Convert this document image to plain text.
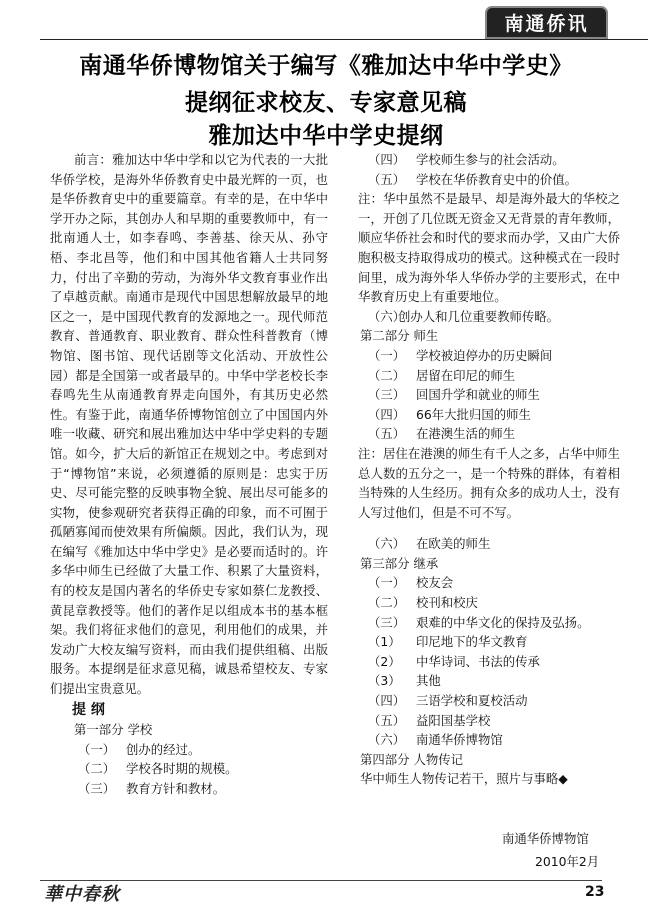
南通侨讯
南通华侨博物馆关于编写《雅加达中华中学史》
提纲征求校友、专家意见稿
雅加达中华中学史提纲

前言：雅加达中华中学和以它为代表的一大批华侨学校，是海外华侨教育史中最光辉的一页，也是华侨教育史中的重要篇章。有幸的是，在中华中学开办之际，其创办人和早期的重要教师中，有一批南通人士，如李春鸣、李善基、徐天从、孙守梧、李北昌等，他们和中国其他省籍人士共同努力，付出了辛勤的劳动，为海外华文教育事业作出了卓越贡献。南通市是现代中国思想解放最早的地区之一，是中国现代教育的发源地之一。现代师范教育、普通教育、职业教育、群众性科普教育（博物馆、图书馆、现代话剧等文化活动、开放性公园）都是全国第一或者最早的。中华中学老校长李春鸣先生从南通教育界走向国外，有其历史必然性。有鉴于此，南通华侨博物馆创立了中国国内外唯一收藏、研究和展出雅加达中华中学史料的专题馆。如今，扩大后的新馆正在规划之中。考虑到对于“博物馆”来说，必须遵循的原则是：忠实于历史、尽可能完整的反映事物全貌、展出尽可能多的实物，使参观研究者获得正确的印象，而不可囿于孤陋寡闻而使效果有所偏颇。因此，我们认为，现在编写《雅加达中华中学史》是必要而适时的。许多华中师生已经做了大量工作、积累了大量资料，有的校友是国内著名的华侨史专家如蔡仁龙教授、黄昆章教授等。他们的著作足以组成本书的基本框架。我们将征求他们的意见，利用他们的成果，并发动广大校友编写资料，而由我们提供组稿、出版服务。本提纲是征求意见稿，诚恳希望校友、专家们提出宝贵意见。

提 纲

第一部分 学校

（一） 创办的经过。
（二） 学校各时期的规模。
（三） 教育方针和教材。
（四） 学校师生参与的社会活动。
（五） 学校在华侨教育史中的价值。

注：华中虽然不是最早、却是海外最大的华校之一，开创了几位既无资金又无背景的青年教师，顺应华侨社会和时代的要求而办学，又由广大侨胞积极支持取得成功的模式。这种模式在一段时间里，成为海外华人华侨办学的主要形式，在中华教育历史上有重要地位。

（六）
创办人和几位重要教师传略。

第二部分 师生

（一） 学校被迫停办的历史瞬间
（二） 居留在印尼的师生
（三） 回国升学和就业的师生
（四） 66年大批归国的师生
（五） 在港澳生活的师生

注：居住在港澳的师生有千人之多，占华中师生总人数的五分之一，是一个特殊的群体，有着相当特殊的人生经历。拥有众多的成功人士，没有人写过他们，但是不可不写。

（六） 在欧美的师生

第三部分 继承

（一） 校友会
（二） 校刊和校庆
（三） 艰难的中华文化的保持及弘扬。
（1）	印尼地下的华文教育
（2）	中华诗词、书法的传承
（3）	其他
（四） 三语学校和夏校活动
（五） 益阳国基学校
（六） 南通华侨博物馆

第四部分 人物传记

华中师生人物传记若干，照片与事略◆

南通华侨博物馆
2010年2月
華中春秋	23
